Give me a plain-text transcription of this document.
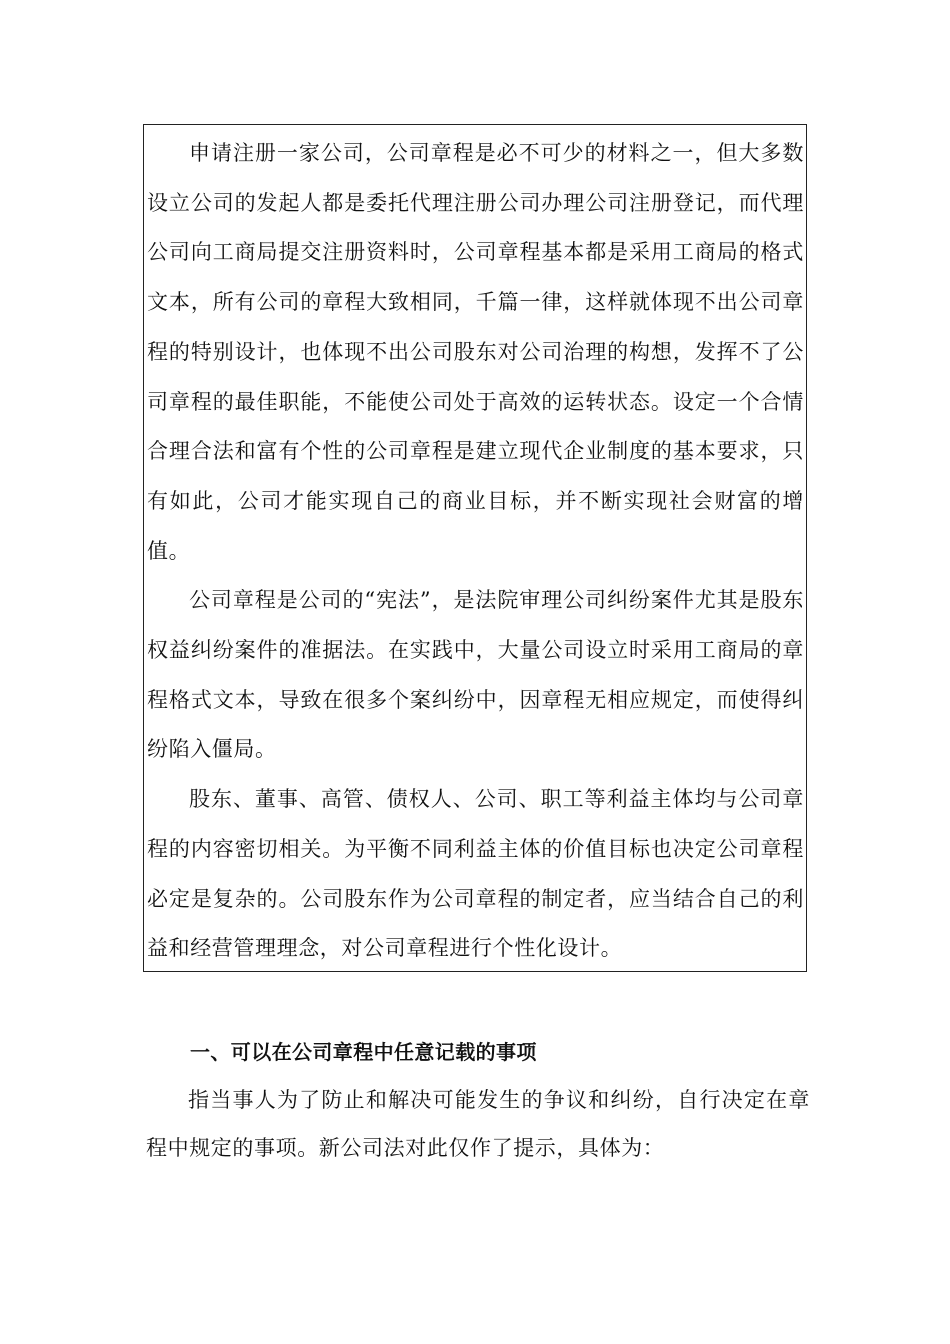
申请注册一家公司，公司章程是必不可少的材料之一，但大多数设立公司的发起人都是委托代理注册公司办理公司注册登记，而代理公司向工商局提交注册资料时，公司章程基本都是采用工商局的格式文本，所有公司的章程大致相同，千篇一律，这样就体现不出公司章程的特别设计，也体现不出公司股东对公司治理的构想，发挥不了公司章程的最佳职能，不能使公司处于高效的运转状态。设定一个合情合理合法和富有个性的公司章程是建立现代企业制度的基本要求，只有如此，公司才能实现自己的商业目标，并不断实现社会财富的增值。

公司章程是公司的“宪法”，是法院审理公司纠纷案件尤其是股东权益纠纷案件的准据法。在实践中，大量公司设立时采用工商局的章程格式文本，导致在很多个案纠纷中，因章程无相应规定，而使得纠纷陷入僵局。

股东、董事、高管、债权人、公司、职工等利益主体均与公司章程的内容密切相关。为平衡不同利益主体的价值目标也决定公司章程必定是复杂的。公司股东作为公司章程的制定者，应当结合自己的利益和经营管理理念，对公司章程进行个性化设计。

一、可以在公司章程中任意记载的事项

指当事人为了防止和解决可能发生的争议和纠纷，自行决定在章程中规定的事项。新公司法对此仅作了提示，具体为：
